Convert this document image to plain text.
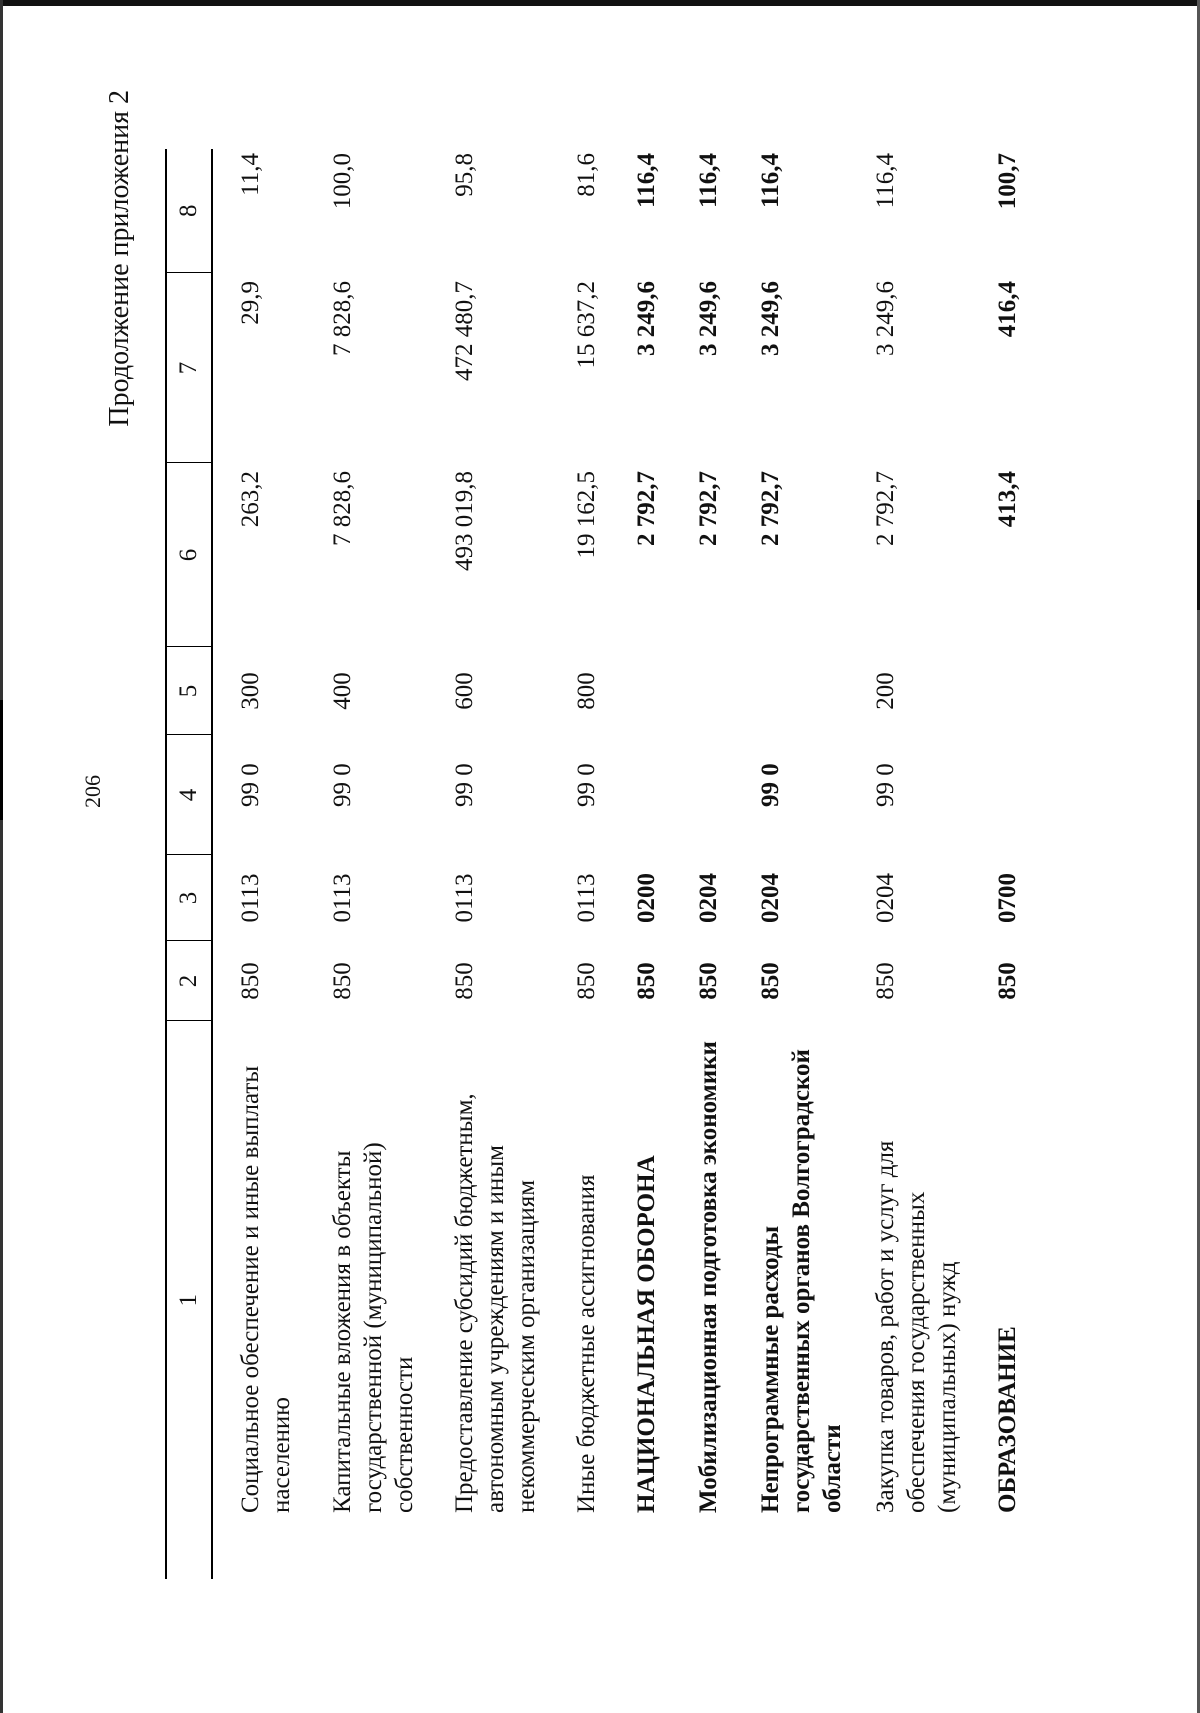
206
Продолжение приложения 2
1	2	3	4	5	6	7	8
Социальное обеспечение и иные выплаты населению	850	0113	99 0	300	263,2	29,9	11,4
Капитальные вложения в объекты государственной (муниципальной) собственности	850	0113	99 0	400	7 828,6	7 828,6	100,0
Предоставление субсидий бюджетным, автономным учреждениям и иным некоммерческим организациям	850	0113	99 0	600	493 019,8	472 480,7	95,8
Иные бюджетные ассигнования	850	0113	99 0	800	19 162,5	15 637,2	81,6
НАЦИОНАЛЬНАЯ ОБОРОНА	850	0200			2 792,7	3 249,6	116,4
Мобилизационная подготовка экономики	850	0204			2 792,7	3 249,6	116,4
Непрограммные расходы государственных органов Волгоградской области	850	0204	99 0		2 792,7	3 249,6	116,4
Закупка товаров, работ и услуг для обеспечения государственных (муниципальных) нужд	850	0204	99 0	200	2 792,7	3 249,6	116,4
ОБРАЗОВАНИЕ	850	0700			413,4	416,4	100,7
